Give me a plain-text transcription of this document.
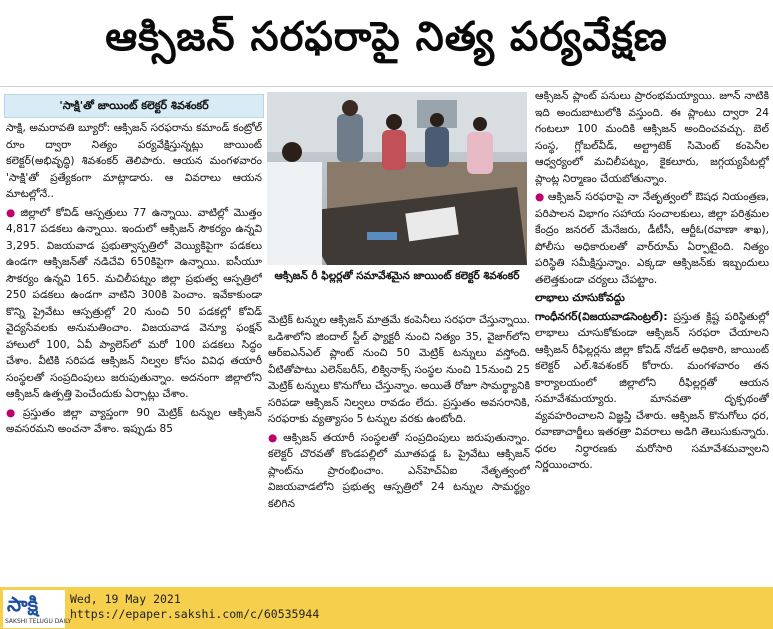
ఆక్సిజన్ సరఫరాపై నిత్య పర్యవేక్షణ
'సాక్షి'తో జాయింట్ కలెక్టర్ శివశంకర్

సాక్షి, అమరావతి బ్యూరో: ఆక్సిజన్ సరఫరాను కమాండ్ కంట్రోల్ రూం ద్వారా నిత్యం పర్యవేక్షిస్తున్నట్లు జాయింట్ కలెక్టర్(అభివృద్ధి) శివశంకర్ తెలిపారు. ఆయన మంగళవారం 'సాక్షి'తో ప్రత్యేకంగా మాట్లాడారు. ఆ వివరాలు ఆయన మాటల్లోనే..

● జిల్లాలో కోవిడ్ ఆస్పత్రులు 77 ఉన్నాయి. వాటిల్లో మొత్తం 4,817 పడకలు ఉన్నాయి. ఇందులో ఆక్సిజన్ సౌకర్యం ఉన్నవి 3,295. విజయవాడ ప్రభుత్వాస్పత్రిలో వెయ్యికిపైగా పడకలు ఉండగా ఆక్సిజన్‌తో నడిచేవి 650కిపైగా ఉన్నాయి. ఐసీయూ సౌకర్యం ఉన్నవి 165. మచిలీపట్నం జిల్లా ప్రభుత్వ ఆస్పత్రిలో 250 పడకలు ఉండగా వాటిని 300కి పెంచాం. ఇవేకాకుండా కొన్ని ప్రైవేటు ఆస్పత్రుల్లో 20 నుంచి 50 పడకల్లో కోవిడ్ వైద్యసేవలకు అనుమతించాం. విజయవాడ వెన్యూ ఫంక్షన్ హాలులో 100, ఏవీ ప్యాలెస్‌లో మరో 100 పడకలు సిద్ధం చేశాం. వీటికి సరిపడ ఆక్సిజన్ నిల్వల కోసం వివిధ తయారీ సంస్థలతో సంప్రదింపులు జరుపుతున్నాం. అదనంగా జిల్లాలోని ఆక్సిజన్ ఉత్పత్తి పెంచేందుకు ఏర్పాట్లు చేశాం.

● ప్రస్తుతం జిల్లా వ్యాప్తంగా 90 మెట్రిక్ టన్నుల ఆక్సిజన్ అవసరమని అంచనా వేశాం. ఇప్పుడు 85

ఆక్సిజన్ రీ ఫిల్లర్లతో సమావేశమైన జాయింట్ కలెక్టర్ శివశంకర్

మెట్రిక్ టన్నుల ఆక్సిజన్ మాత్రమే కంపెనీలు సరఫరా చేస్తున్నాయి. ఒడిశాలోని జిందాల్ స్టీల్ ఫ్యాక్టరీ నుంచి నిత్యం 35, వైజాగ్‌లోని ఆర్ఐఎన్ఎల్ ప్లాంట్ నుంచి 50 మెట్రిక్ టన్నులు వస్తోంది. వీటితోపాటు ఎలెన్‌బరీస్, లిక్వినాక్స్ సంస్థల నుంచి 15నుంచి 25 మెట్రిక్ టన్నులు కొనుగోలు చేస్తున్నాం. అయితే రోజూ సామర్థ్యానికి సరిపడా ఆక్సిజన్ నిల్వలు రావడం లేదు. ప్రస్తుతం అవసరానికి, సరఫరాకు వ్యత్యాసం 5 టన్నుల వరకు ఉంటోంది.

● ఆక్సిజన్ తయారీ సంస్థలతో సంప్రదింపులు జరుపుతున్నాం. కలెక్టర్ చొరవతో కొండపల్లిలో మూతపడ్డ ఓ ప్రైవేటు ఆక్సిజన్ ప్లాంట్‌ను ప్రారంభించాం. ఎన్‌హెచ్ఏఐ నేతృత్వంలో విజయవాడలోని ప్రభుత్వ ఆస్పత్రిలో 24 టన్నుల సామర్థ్యం కలిగిన

ఆక్సిజన్ ప్లాంట్ పనులు ప్రారంభమయ్యాయి. జూన్ నాటికి ఇది అందుబాటులోకి వస్తుంది. ఈ ప్లాంటు ద్వారా 24 గంటలూ 100 మందికి ఆక్సిజన్ అందించవచ్చు. బెల్ సంస్థ, గ్లోబల్‌వీడ్, అల్ట్రాటెక్ సిమెంట్ కంపెనీల ఆధ్వర్యంలో మచిలీపట్నం, కైకలూరు, జగ్గయ్యపేటల్లో ప్లాంట్ల నిర్మాణం చేయబోతున్నాం.

● ఆక్సిజన్ సరఫరాపై నా నేతృత్వంలో ఔషధ నియంత్రణ, పరిపాలన విభాగం సహాయ సంచాలకులు, జిల్లా పరిశ్రమల కేంద్రం జనరల్ మేనేజరు, డీటీసీ, ఆర్టీఓ(రవాణా శాఖ), పోలీసు అధికారులతో వార్‌రూమ్ ఏర్పాటైంది. నిత్యం పరిస్థితి సమీక్షిస్తున్నాం. ఎక్కడా ఆక్సిజన్‌కు ఇబ్బందులు తలెత్తకుండా చర్యలు చేపట్టాం.

లాభాలు చూసుకోవద్దు

గాంధీనగర్(విజయవాడసెంట్రల్): ప్రస్తుత క్లిష్ట పరిస్థితుల్లో లాభాలు చూసుకోకుండా ఆక్సిజన్ సరఫరా చేయాలని ఆక్సిజన్ రీఫిల్లర్లను జిల్లా కోవిడ్ నోడల్ అధికారి, జాయింట్ కలెక్టర్ ఎల్.శివశంకర్ కోరారు. మంగళవారం తన కార్యాలయంలో జిల్లాలోని రీఫిల్లర్లతో ఆయన సమావేశమయ్యారు. మానవతా దృక్పథంతో వ్యవహరించాలని విజ్ఞప్తి చేశారు. ఆక్సిజన్ కొనుగోలు ధర, రవాణాచార్జీలు ఇతరత్రా వివరాలు అడిగి తెలుసుకున్నారు. ధరల నిర్ధారణకు మరోసారి సమావేశమవ్వాలని నిర్ణయించారు.

సాక్షి
SAKSHI TELUGU DAILY
Wed, 19 May 2021
https://epaper.sakshi.com/c/60535944
